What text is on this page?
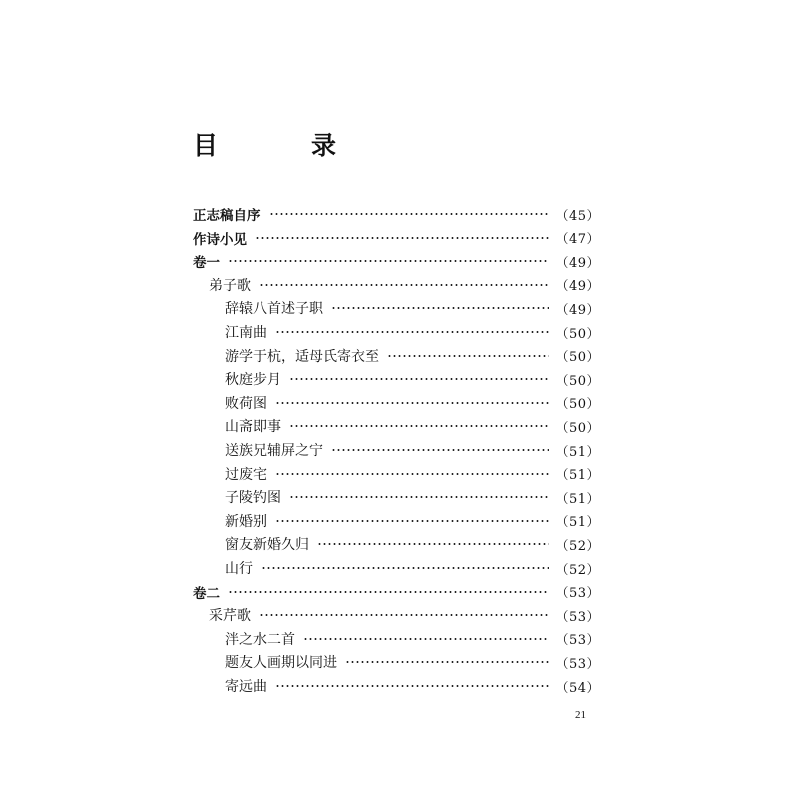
目　录
正志稿自序	（45）
作诗小见	（47）
卷一	（49）
弟子歌	（49）
辞辕八首述子职	（49）
江南曲	（50）
游学于杭，适母氏寄衣至	（50）
秋庭步月	（50）
败荷图	（50）
山斋即事	（50）
送族兄辅屏之宁	（51）
过废宅	（51）
子陵钓图	（51）
新婚别	（51）
窗友新婚久归	（52）
山行	（52）
卷二	（53）
采芹歌	（53）
泮之水二首	（53）
题友人画期以同进	（53）
寄远曲	（54）
21
